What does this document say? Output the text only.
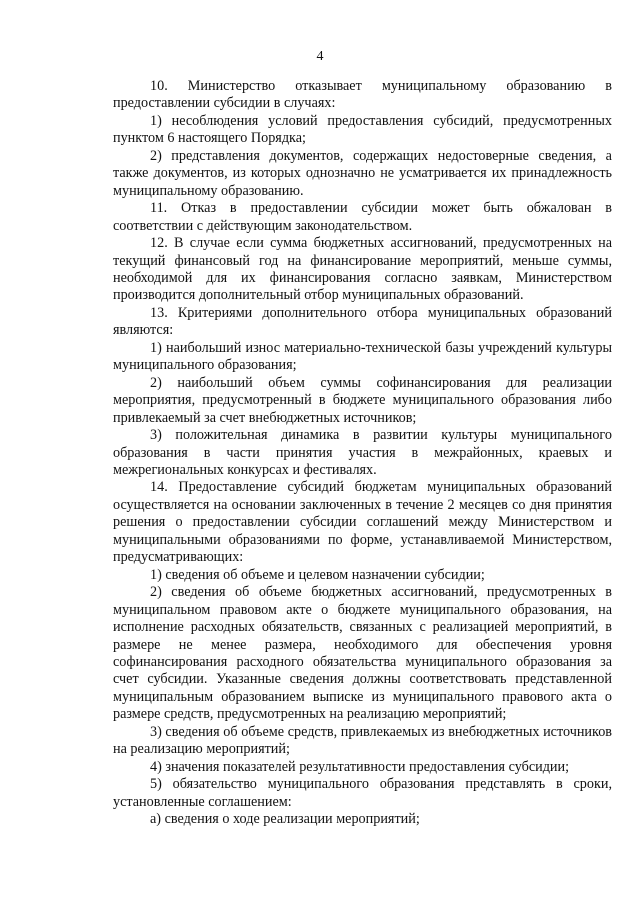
4

10. Министерство отказывает муниципальному образованию в предоставлении субсидии в случаях:

1) несоблюдения условий предоставления субсидий, предусмотренных пунктом 6 настоящего Порядка;

2) представления документов, содержащих недостоверные сведения, а также документов, из которых однозначно не усматривается их принадлежность муниципальному образованию.

11. Отказ в предоставлении субсидии может быть обжалован в соответствии с действующим законодательством.

12. В случае если сумма бюджетных ассигнований, предусмотренных на текущий финансовый год на финансирование мероприятий, меньше суммы, необходимой для их финансирования согласно заявкам, Министерством производится дополнительный отбор муниципальных образований.

13. Критериями дополнительного отбора муниципальных образований являются:

1) наибольший износ материально-технической базы учреждений культуры муниципального образования;

2) наибольший объем суммы софинансирования для реализации мероприятия, предусмотренный в бюджете муниципального образования либо привлекаемый за счет внебюджетных источников;

3) положительная динамика в развитии культуры муниципального образования в части принятия участия в межрайонных, краевых и межрегиональных конкурсах и фестивалях.

14. Предоставление субсидий бюджетам муниципальных образований осуществляется на основании заключенных в течение 2 месяцев со дня принятия решения о предоставлении субсидии соглашений между Министерством и муниципальными образованиями по форме, устанавливаемой Министерством, предусматривающих:

1) сведения об объеме и целевом назначении субсидии;

2) сведения об объеме бюджетных ассигнований, предусмотренных в муниципальном правовом акте о бюджете муниципального образования, на исполнение расходных обязательств, связанных с реализацией мероприятий, в размере не менее размера, необходимого для обеспечения уровня софинансирования расходного обязательства муниципального образования за счет субсидии. Указанные сведения должны соответствовать представленной муниципальным образованием выписке из муниципального правового акта о размере средств, предусмотренных на реализацию мероприятий;

3) сведения об объеме средств, привлекаемых из внебюджетных источников на реализацию мероприятий;

4) значения показателей результативности предоставления субсидии;

5) обязательство муниципального образования представлять в сроки, установленные соглашением:

а) сведения о ходе реализации мероприятий;
